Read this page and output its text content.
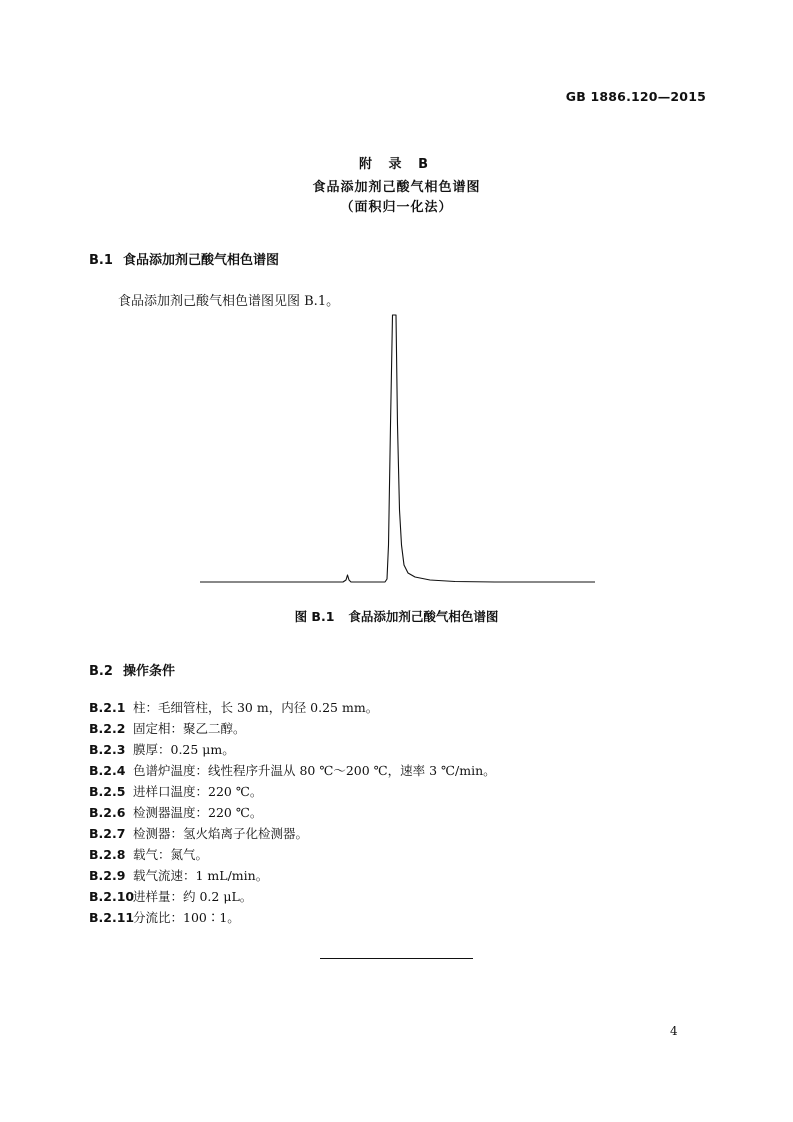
GB 1886.120—2015
附 录 B
食品添加剂己酸气相色谱图
（面积归一化法）
B.1 食品添加剂己酸气相色谱图
食品添加剂己酸气相色谱图见图 B.1。
图 B.1 食品添加剂己酸气相色谱图
B.2 操作条件
B.2.1 柱：毛细管柱，长 30 m，内径 0.25 mm。
B.2.2 固定相：聚乙二醇。
B.2.3 膜厚：0.25 μm。
B.2.4 色谱炉温度：线性程序升温从 80 ℃～200 ℃，速率 3 ℃/min。
B.2.5 进样口温度：220 ℃。
B.2.6 检测器温度：220 ℃。
B.2.7 检测器：氢火焰离子化检测器。
B.2.8 载气：氮气。
B.2.9 载气流速：1 mL/min。
B.2.10进样量：约 0.2 μL。
B.2.11分流比：100∶1。
4
